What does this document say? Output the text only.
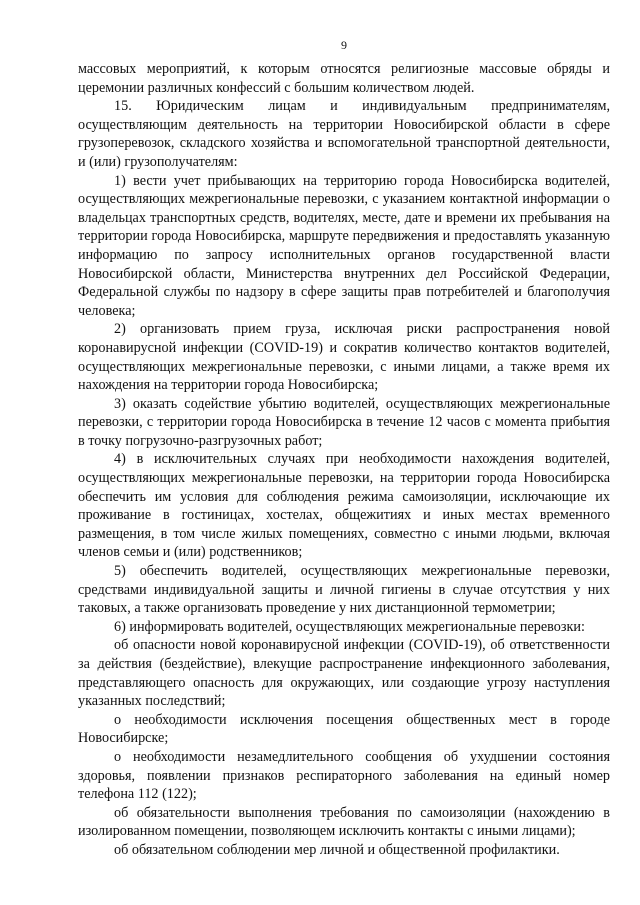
9

массовых мероприятий, к которым относятся религиозные массовые обряды и церемонии различных конфессий с большим количеством людей.

15. Юридическим лицам и индивидуальным предпринимателям, осуществляющим деятельность на территории Новосибирской области в сфере грузоперевозок, складского хозяйства и вспомогательной транспортной деятельности, и (или) грузополучателям:

1) вести учет прибывающих на территорию города Новосибирска водителей, осуществляющих межрегиональные перевозки, с указанием контактной информации о владельцах транспортных средств, водителях, месте, дате и времени их пребывания на территории города Новосибирска, маршруте передвижения и предоставлять указанную информацию по запросу исполнительных органов государственной власти Новосибирской области, Министерства внутренних дел Российской Федерации, Федеральной службы по надзору в сфере защиты прав потребителей и благополучия человека;

2) организовать прием груза, исключая риски распространения новой коронавирусной инфекции (COVID-19) и сократив количество контактов водителей, осуществляющих межрегиональные перевозки, с иными лицами, а также время их нахождения на территории города Новосибирска;

3) оказать содействие убытию водителей, осуществляющих межрегиональные перевозки, с территории города Новосибирска в течение 12 часов с момента прибытия в точку погрузочно-разгрузочных работ;

4) в исключительных случаях при необходимости нахождения водителей, осуществляющих межрегиональные перевозки, на территории города Новосибирска обеспечить им условия для соблюдения режима самоизоляции, исключающие их проживание в гостиницах, хостелах, общежитиях и иных местах временного размещения, в том числе жилых помещениях, совместно с иными людьми, включая членов семьи и (или) родственников;

5) обеспечить водителей, осуществляющих межрегиональные перевозки, средствами индивидуальной защиты и личной гигиены в случае отсутствия у них таковых, а также организовать проведение у них дистанционной термометрии;

6) информировать водителей, осуществляющих межрегиональные перевозки:

об опасности новой коронавирусной инфекции (COVID-19), об ответственности за действия (бездействие), влекущие распространение инфекционного заболевания, представляющего опасность для окружающих, или создающие угрозу наступления указанных последствий;

о необходимости исключения посещения общественных мест в городе Новосибирске;

о необходимости незамедлительного сообщения об ухудшении состояния здоровья, появлении признаков респираторного заболевания на единый номер телефона 112 (122);

об обязательности выполнения требования по самоизоляции (нахождению в изолированном помещении, позволяющем исключить контакты с иными лицами);

об обязательном соблюдении мер личной и общественной профилактики.
